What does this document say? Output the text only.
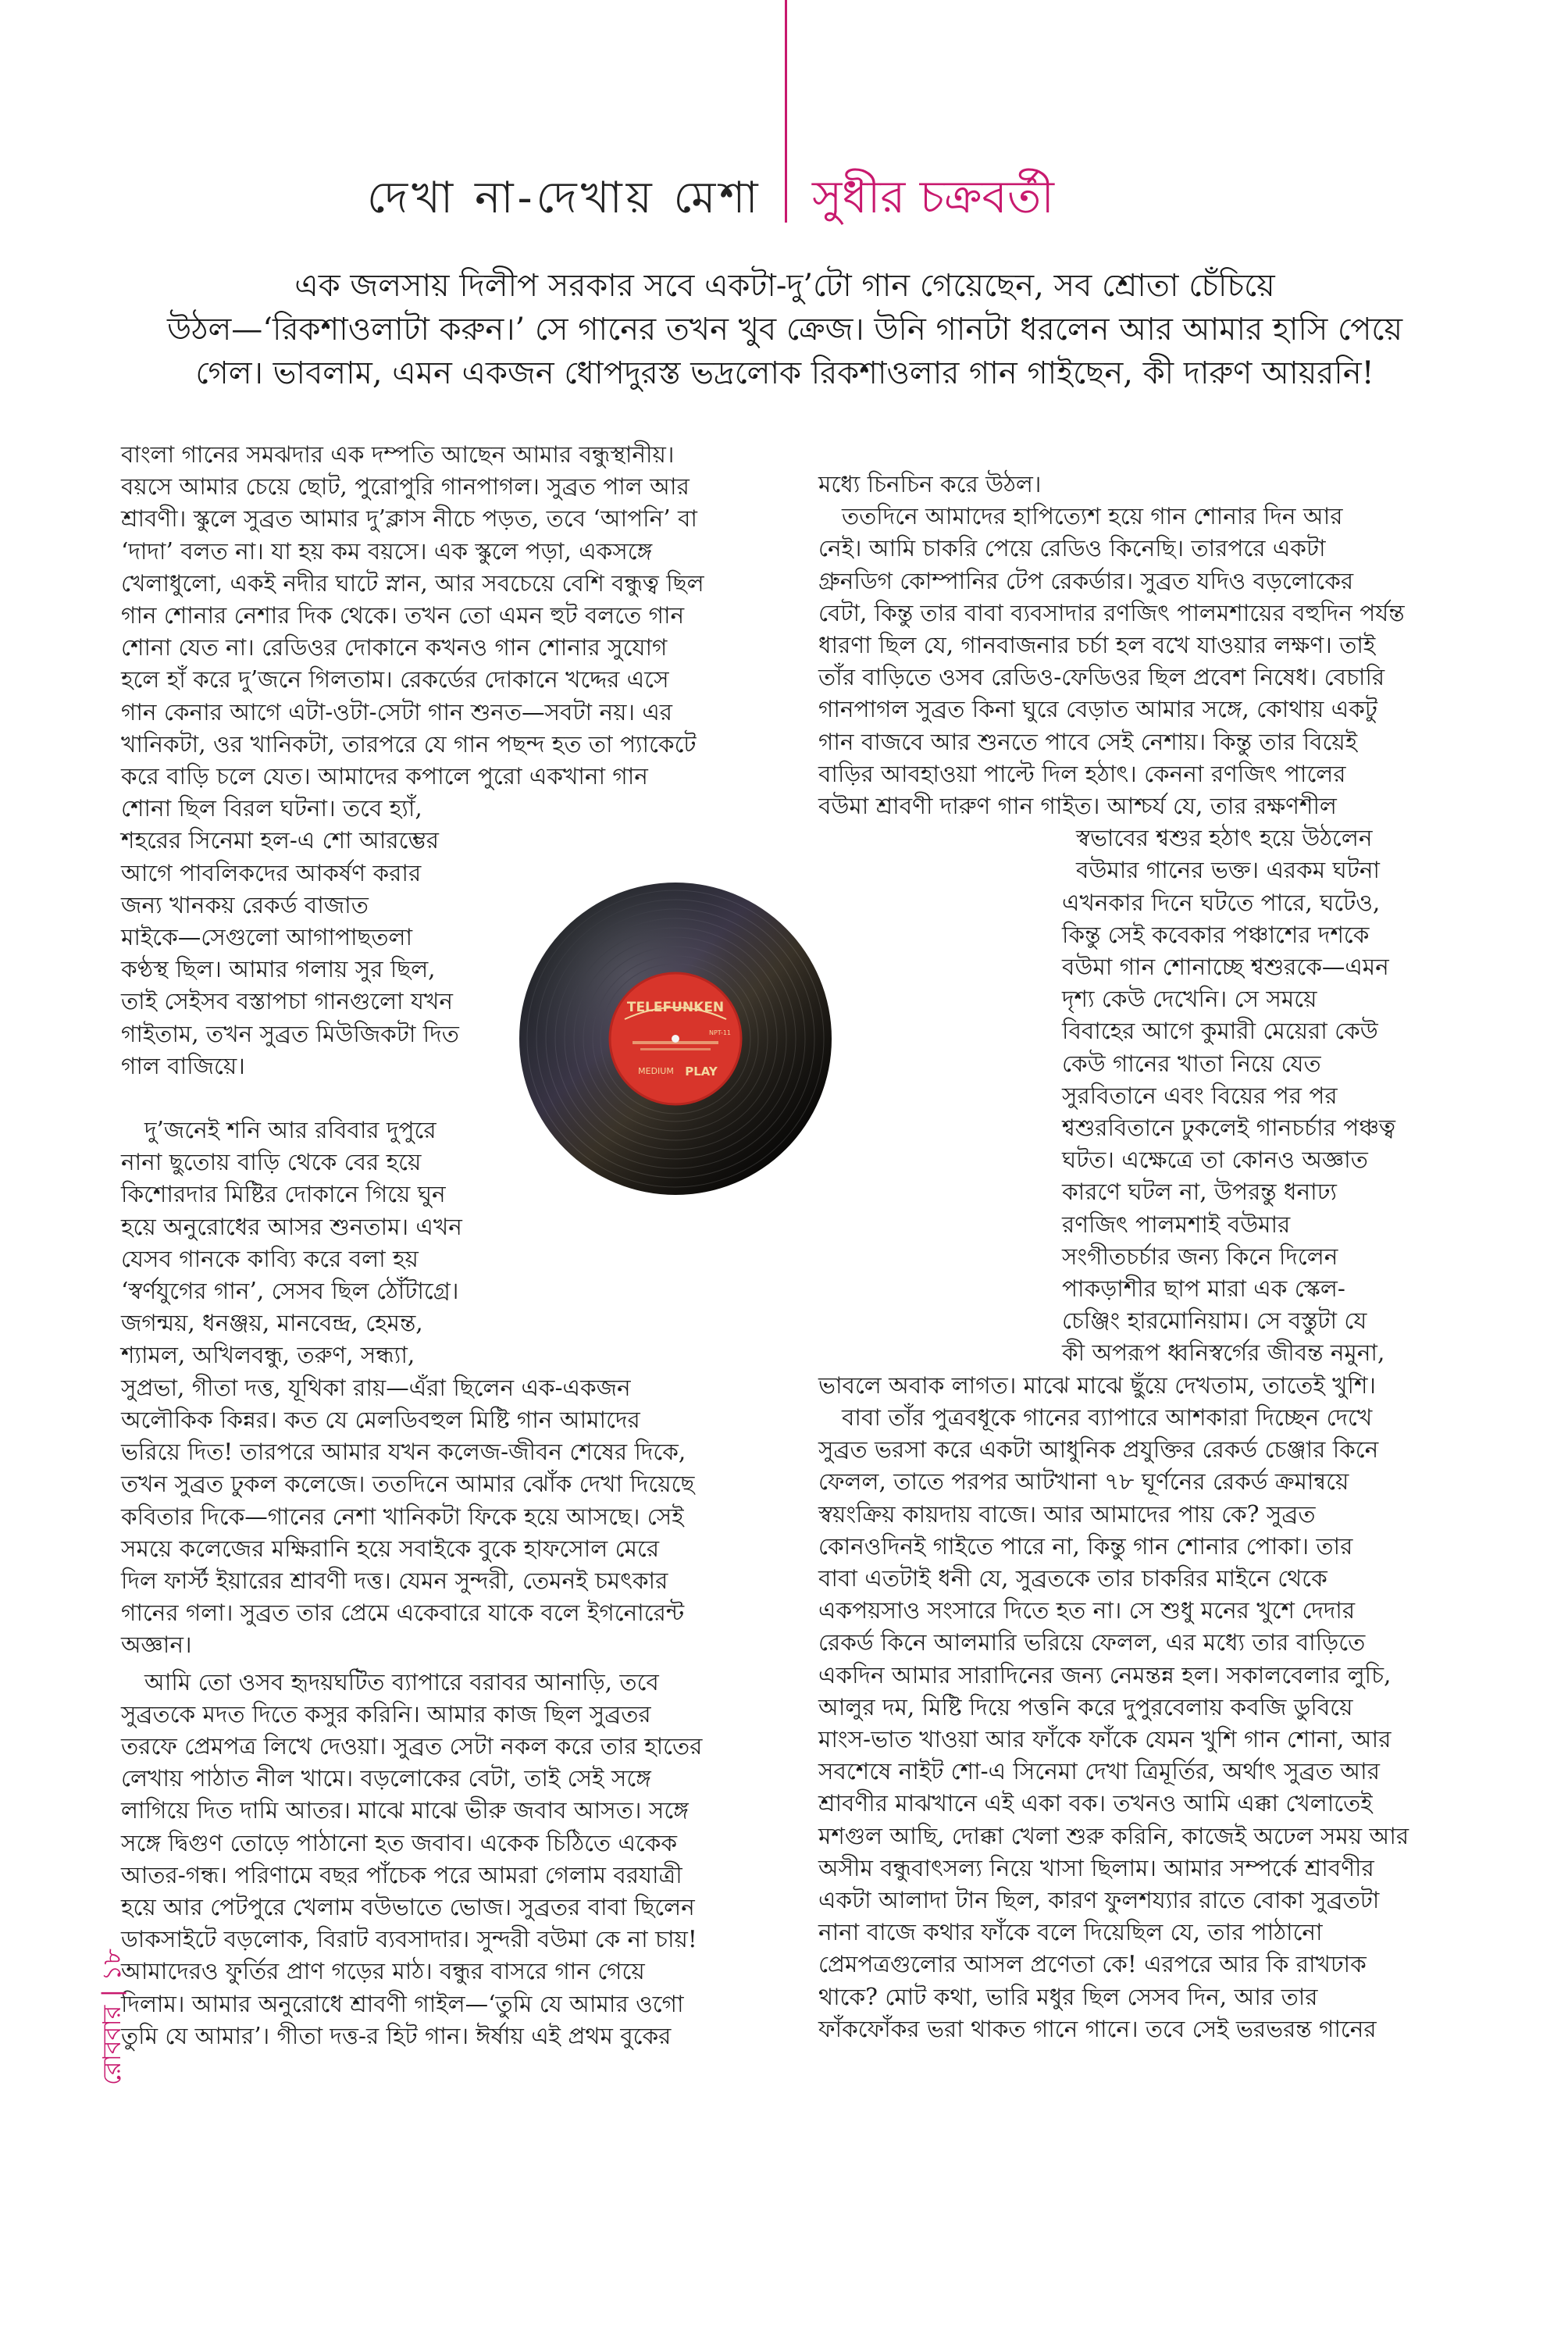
দেখা না-দেখায় মেশা সুধীর চক্রবর্তী

এক জলসায় দিলীপ সরকার সবে একটা-দু’টো গান গেয়েছেন, সব শ্রোতা চেঁচিয়ে

উঠল—‘রিকশাওলাটা করুন।’ সে গানের তখন খুব ক্রেজ। উনি গানটা ধরলেন আর আমার হাসি পেয়ে

গেল। ভাবলাম, এমন একজন ধোপদুরস্ত ভদ্রলোক রিকশাওলার গান গাইছেন, কী দারুণ আয়রনি!

বাংলা গানের সমঝদার এক দম্পতি আছেন আমার বন্ধুস্থানীয়।

বয়সে আমার চেয়ে ছোট, পুরোপুরি গানপাগল। সুব্রত পাল আর

শ্রাবণী। স্কুলে সুব্রত আমার দু’ক্লাস নীচে পড়ত, তবে ‘আপনি’ বা

‘দাদা’ বলত না। যা হয় কম বয়সে। এক স্কুলে পড়া, একসঙ্গে

খেলাধুলো, একই নদীর ঘাটে স্নান, আর সবচেয়ে বেশি বন্ধুত্ব ছিল

গান শোনার নেশার দিক থেকে। তখন তো এমন হুট বলতে গান

শোনা যেত না। রেডিওর দোকানে কখনও গান শোনার সুযোগ

হলে হাঁ করে দু’জনে গিলতাম। রেকর্ডের দোকানে খদ্দের এসে

গান কেনার আগে এটা-ওটা-সেটা গান শুনত—সবটা নয়। এর

খানিকটা, ওর খানিকটা, তারপরে যে গান পছন্দ হত তা প্যাকেটে

করে বাড়ি চলে যেত। আমাদের কপালে পুরো একখানা গান

শোনা ছিল বিরল ঘটনা। তবে হ্যাঁ,

শহরের সিনেমা হল-এ শো আরম্ভের

আগে পাবলিকদের আকর্ষণ করার

জন্য খানকয় রেকর্ড বাজাত

মাইকে—সেগুলো আগাপাছতলা

কণ্ঠস্থ ছিল। আমার গলায় সুর ছিল,

তাই সেইসব বস্তাপচা গানগুলো যখন

গাইতাম, তখন সুব্রত মিউজিকটা দিত

গাল বাজিয়ে।

দু’জনেই শনি আর রবিবার দুপুরে

নানা ছুতোয় বাড়ি থেকে বের হয়ে

কিশোরদার মিষ্টির দোকানে গিয়ে ঘুন

হয়ে অনুরোধের আসর শুনতাম। এখন

যেসব গানকে কাব্যি করে বলা হয়

‘স্বর্ণযুগের গান’, সেসব ছিল ঠোঁটাগ্রে।

জগন্ময়, ধনঞ্জয়, মানবেন্দ্র, হেমন্ত,

শ্যামল, অখিলবন্ধু, তরুণ, সন্ধ্যা,

সুপ্রভা, গীতা দত্ত, যূথিকা রায়—এঁরা ছিলেন এক-একজন

অলৌকিক কিন্নর। কত যে মেলডিবহুল মিষ্টি গান আমাদের

ভরিয়ে দিত! তারপরে আমার যখন কলেজ-জীবন শেষের দিকে,

তখন সুব্রত ঢুকল কলেজে। ততদিনে আমার ঝোঁক দেখা দিয়েছে

কবিতার দিকে—গানের নেশা খানিকটা ফিকে হয়ে আসছে। সেই

সময়ে কলেজের মক্ষিরানি হয়ে সবাইকে বুকে হাফসোল মেরে

দিল ফার্স্ট ইয়ারের শ্রাবণী দত্ত। যেমন সুন্দরী, তেমনই চমৎকার

গানের গলা। সুব্রত তার প্রেমে একেবারে যাকে বলে ইগনোরেন্ট

অজ্ঞান।

আমি তো ওসব হৃদয়ঘটিত ব্যাপারে বরাবর আনাড়ি, তবে

সুব্রতকে মদত দিতে কসুর করিনি। আমার কাজ ছিল সুব্রতর

তরফে প্রেমপত্র লিখে দেওয়া। সুব্রত সেটা নকল করে তার হাতের

লেখায় পাঠাত নীল খামে। বড়লোকের বেটা, তাই সেই সঙ্গে

লাগিয়ে দিত দামি আতর। মাঝে মাঝে ভীরু জবাব আসত। সঙ্গে

সঙ্গে দ্বিগুণ তোড়ে পাঠানো হত জবাব। একেক চিঠিতে একেক

আতর-গন্ধ। পরিণামে বছর পাঁচেক পরে আমরা গেলাম বরযাত্রী

হয়ে আর পেটপুরে খেলাম বউভাতে ভোজ। সুব্রতর বাবা ছিলেন

ডাকসাইটে বড়লোক, বিরাট ব্যবসাদার। সুন্দরী বউমা কে না চায়!

আমাদেরও ফুর্তির প্রাণ গড়ের মাঠ। বন্ধুর বাসরে গান গেয়ে

দিলাম। আমার অনুরোধে শ্রাবণী গাইল—‘তুমি যে আমার ওগো

তুমি যে আমার’। গীতা দত্ত-র হিট গান। ঈর্ষায় এই প্রথম বুকের

মধ্যে চিনচিন করে উঠল।

ততদিনে আমাদের হাপিত্যেশ হয়ে গান শোনার দিন আর

নেই। আমি চাকরি পেয়ে রেডিও কিনেছি। তারপরে একটা

গ্রুনডিগ কোম্পানির টেপ রেকর্ডার। সুব্রত যদিও বড়লোকের

বেটা, কিন্তু তার বাবা ব্যবসাদার রণজিৎ পালমশায়ের বহুদিন পর্যন্ত

ধারণা ছিল যে, গানবাজনার চর্চা হল বখে যাওয়ার লক্ষণ। তাই

তাঁর বাড়িতে ওসব রেডিও-ফেডিওর ছিল প্রবেশ নিষেধ। বেচারি

গানপাগল সুব্রত কিনা ঘুরে বেড়াত আমার সঙ্গে, কোথায় একটু

গান বাজবে আর শুনতে পাবে সেই নেশায়। কিন্তু তার বিয়েই

বাড়ির আবহাওয়া পাল্টে দিল হঠাৎ। কেননা রণজিৎ পালের

বউমা শ্রাবণী দারুণ গান গাইত। আশ্চর্য যে, তার রক্ষণশীল

স্বভাবের শ্বশুর হঠাৎ হয়ে উঠলেন

বউমার গানের ভক্ত। এরকম ঘটনা

এখনকার দিনে ঘটতে পারে, ঘটেও,

কিন্তু সেই কবেকার পঞ্চাশের দশকে

বউমা গান শোনাচ্ছে শ্বশুরকে—এমন

দৃশ্য কেউ দেখেনি। সে সময়ে

বিবাহের আগে কুমারী মেয়েরা কেউ

কেউ গানের খাতা নিয়ে যেত

সুরবিতানে এবং বিয়ের পর পর

শ্বশুরবিতানে ঢুকলেই গানচর্চার পঞ্চত্ব

ঘটত। এক্ষেত্রে তা কোনও অজ্ঞাত

কারণে ঘটল না, উপরন্তু ধনাঢ্য

রণজিৎ পালমশাই বউমার

সংগীতচর্চার জন্য কিনে দিলেন

পাকড়াশীর ছাপ মারা এক স্কেল-

চেঞ্জিং হারমোনিয়াম। সে বস্তুটা যে

কী অপরূপ ধ্বনিস্বর্গের জীবন্ত নমুনা,

ভাবলে অবাক লাগত। মাঝে মাঝে ছুঁয়ে দেখতাম, তাতেই খুশি।

বাবা তাঁর পুত্রবধূকে গানের ব্যাপারে আশকারা দিচ্ছেন দেখে

সুব্রত ভরসা করে একটা আধুনিক প্রযুক্তির রেকর্ড চেঞ্জার কিনে

ফেলল, তাতে পরপর আটখানা ৭৮ ঘূর্ণনের রেকর্ড ক্রমান্বয়ে

স্বয়ংক্রিয় কায়দায় বাজে। আর আমাদের পায় কে? সুব্রত

কোনওদিনই গাইতে পারে না, কিন্তু গান শোনার পোকা। তার

বাবা এতটাই ধনী যে, সুব্রতকে তার চাকরির মাইনে থেকে

একপয়সাও সংসারে দিতে হত না। সে শুধু মনের খুশে দেদার

রেকর্ড কিনে আলমারি ভরিয়ে ফেলল, এর মধ্যে তার বাড়িতে

একদিন আমার সারাদিনের জন্য নেমন্তন্ন হল। সকালবেলার লুচি,

আলুর দম, মিষ্টি দিয়ে পত্তনি করে দুপুরবেলায় কবজি ডুবিয়ে

মাংস-ভাত খাওয়া আর ফাঁকে ফাঁকে যেমন খুশি গান শোনা, আর

সবশেষে নাইট শো-এ সিনেমা দেখা ত্রিমূর্তির, অর্থাৎ সুব্রত আর

শ্রাবণীর মাঝখানে এই একা বক। তখনও আমি এক্কা খেলাতেই

মশগুল আছি, দোক্কা খেলা শুরু করিনি, কাজেই অঢেল সময় আর

অসীম বন্ধুবাৎসল্য নিয়ে খাসা ছিলাম। আমার সম্পর্কে শ্রাবণীর

একটা আলাদা টান ছিল, কারণ ফুলশয্যার রাতে বোকা সুব্রতটা

নানা বাজে কথার ফাঁকে বলে দিয়েছিল যে, তার পাঠানো

প্রেমপত্রগুলোর আসল প্রণেতা কে! এরপরে আর কি রাখঢাক

থাকে? মোট কথা, ভারি মধুর ছিল সেসব দিন, আর তার

ফাঁকফোঁকর ভরা থাকত গানে গানে। তবে সেই ভরভরন্ত গানের

TELEFUNKEN
NPT-11
MEDIUM PLAY
রোববার | ১৮
